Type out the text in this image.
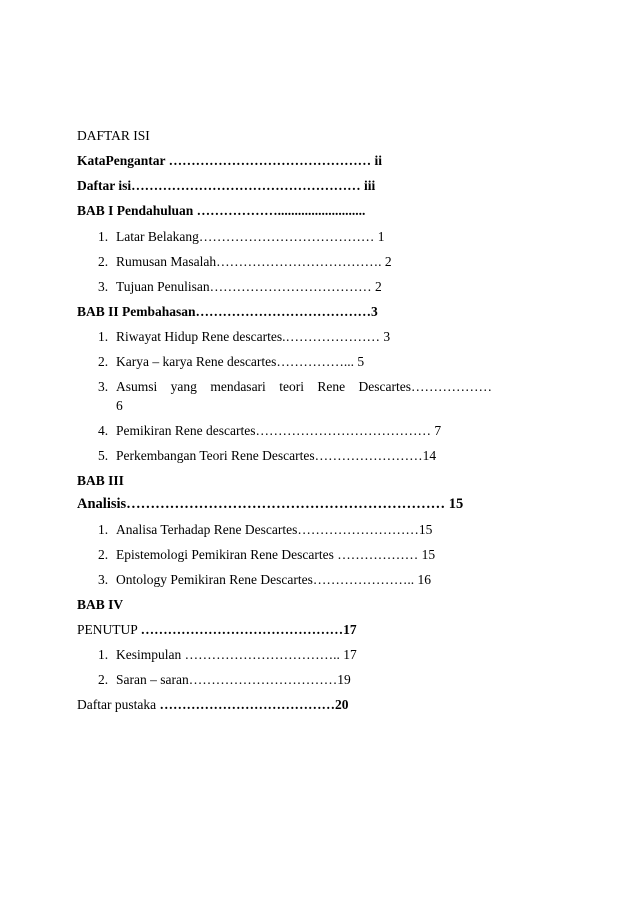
DAFTAR ISI
KataPengantar ……………………………………… ii
Daftar isi…………………………………………… iii
BAB I Pendahuluan ………………..........................
1. Latar Belakang………………………………… 1
2. Rumusan Masalah………………………………. 2
3. Tujuan Penulisan……………………………… 2
BAB II Pembahasan…………………………………3
1. Riwayat Hidup Rene descartes.………………… 3
2. Karya – karya Rene descartes……………... 5
3. Asumsi yang mendasari teori Rene Descartes………………
6
4. Pemikiran Rene descartes………………………………… 7
5. Perkembangan Teori Rene Descartes……………………14
BAB III
Analisis………………………………………………………… 15
1. Analisa Terhadap Rene Descartes………………………15
2. Epistemologi Pemikiran Rene Descartes ……………… 15
3. Ontology Pemikiran Rene Descartes………………….. 16
BAB IV
PENUTUP ………………………………………17
1. Kesimpulan …………………………….. 17
2. Saran – saran……………………………19
Daftar pustaka …………………………………20
